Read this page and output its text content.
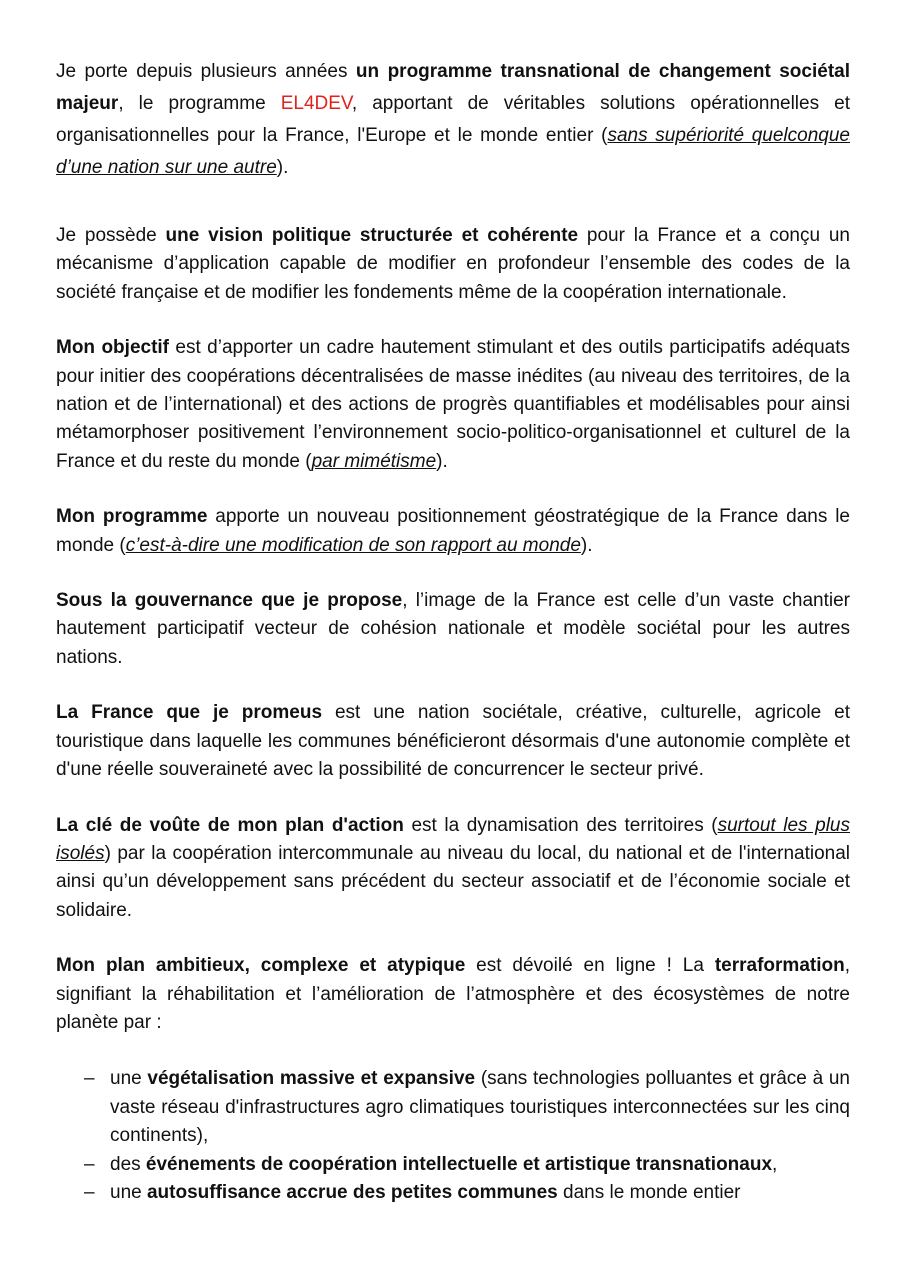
Je porte depuis plusieurs années un programme transnational de changement sociétal majeur, le programme EL4DEV, apportant de véritables solutions opérationnelles et organisationnelles pour la France, l'Europe et le monde entier (sans supériorité quelconque d’une nation sur une autre).

Je possède une vision politique structurée et cohérente pour la France et a conçu un mécanisme d’application capable de modifier en profondeur l’ensemble des codes de la société française et de modifier les fondements même de la coopération internationale.

Mon objectif est d’apporter un cadre hautement stimulant et des outils participatifs adéquats pour initier des coopérations décentralisées de masse inédites (au niveau des territoires, de la nation et de l’international) et des actions de progrès quantifiables et modélisables pour ainsi métamorphoser positivement l’environnement socio-politico-organisationnel et culturel de la France et du reste du monde (par mimétisme).

Mon programme apporte un nouveau positionnement géostratégique de la France dans le monde (c’est-à-dire une modification de son rapport au monde).

Sous la gouvernance que je propose, l’image de la France est celle d’un vaste chantier hautement participatif vecteur de cohésion nationale et modèle sociétal pour les autres nations.

La France que je promeus est une nation sociétale, créative, culturelle, agricole et touristique dans laquelle les communes bénéficieront désormais d'une autonomie complète et d'une réelle souveraineté avec la possibilité de concurrencer le secteur privé.

La clé de voûte de mon plan d'action est la dynamisation des territoires (surtout les plus isolés) par la coopération intercommunale au niveau du local, du national et de l'international ainsi qu’un développement sans précédent du secteur associatif et de l’économie sociale et solidaire.

Mon plan ambitieux, complexe et atypique est dévoilé en ligne ! La terraformation, signifiant la réhabilitation et l’amélioration de l’atmosphère et des écosystèmes de notre planète par :

– une végétalisation massive et expansive (sans technologies polluantes et grâce à un vaste réseau d'infrastructures agro climatiques touristiques interconnectées sur les cinq continents),
– des événements de coopération intellectuelle et artistique transnationaux,
– une autosuffisance accrue des petites communes dans le monde entier
